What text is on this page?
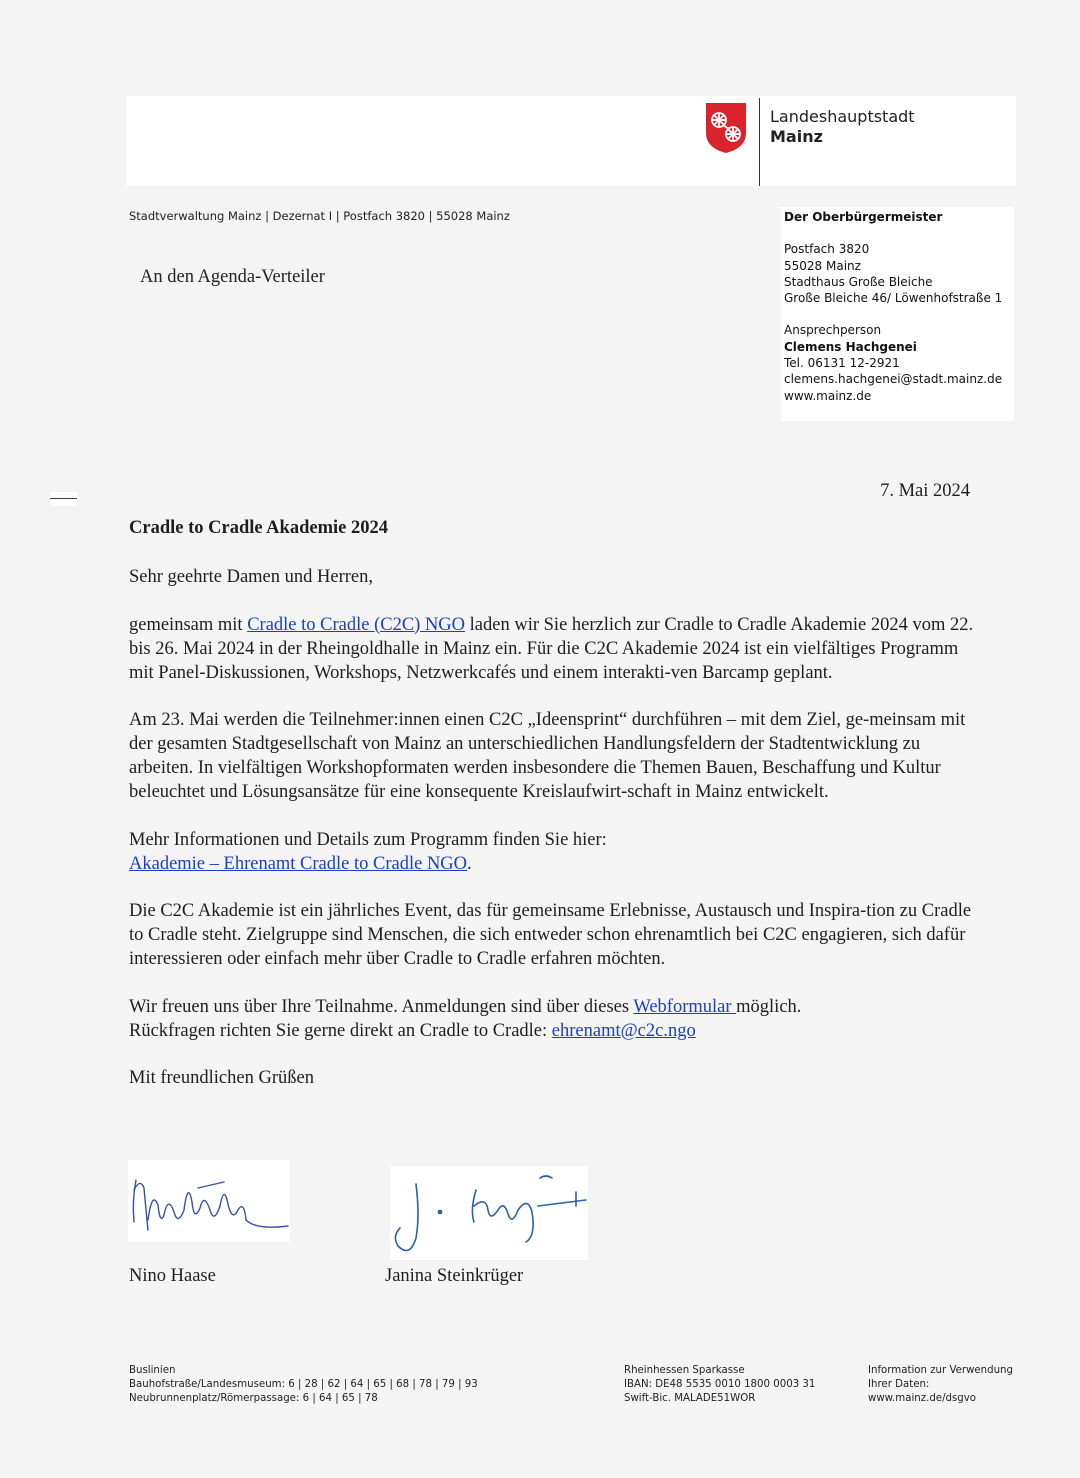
Landeshauptstadt
Mainz
Stadtverwaltung Mainz | Dezernat I | Postfach 3820 | 55028 Mainz
An den Agenda-Verteiler
Der Oberbürgermeister
Postfach 3820
55028 Mainz
Stadthaus Große Bleiche
Große Bleiche 46/ Löwenhofstraße 1
Ansprechperson
Clemens Hachgenei
Tel. 06131 12-2921
clemens.hachgenei@stadt.mainz.de
www.mainz.de
7. Mai 2024
Cradle to Cradle Akademie 2024

Sehr geehrte Damen und Herren,

gemeinsam mit Cradle to Cradle (C2C) NGO laden wir Sie herzlich zur Cradle to Cradle Akademie 2024 vom 22. bis 26. Mai 2024 in der Rheingoldhalle in Mainz ein. Für die C2C Akademie 2024 ist ein vielfältiges Programm mit Panel-Diskussionen, Workshops, Netzwerkcafés und einem interakti-ven Barcamp geplant.

Am 23. Mai werden die Teilnehmer:innen einen C2C „Ideensprint“ durchführen – mit dem Ziel, ge-meinsam mit der gesamten Stadtgesellschaft von Mainz an unterschiedlichen Handlungsfeldern der Stadtentwicklung zu arbeiten. In vielfältigen Workshopformaten werden insbesondere die Themen Bauen, Beschaffung und Kultur beleuchtet und Lösungsansätze für eine konsequente Kreislaufwirt-schaft in Mainz entwickelt.

Mehr Informationen und Details zum Programm finden Sie hier:
Akademie – Ehrenamt Cradle to Cradle NGO.

Die C2C Akademie ist ein jährliches Event, das für gemeinsame Erlebnisse, Austausch und Inspira-tion zu Cradle to Cradle steht. Zielgruppe sind Menschen, die sich entweder schon ehrenamtlich bei C2C engagieren, sich dafür interessieren oder einfach mehr über Cradle to Cradle erfahren möchten.

Wir freuen uns über Ihre Teilnahme. Anmeldungen sind über dieses Webformular möglich.
Rückfragen richten Sie gerne direkt an Cradle to Cradle: ehrenamt@c2c.ngo

Mit freundlichen Grüßen

Nino Haase	Janina Steinkrüger
Buslinien
Bauhofstraße/Landesmuseum: 6 | 28 | 62 | 64 | 65 | 68 | 78 | 79 | 93
Neubrunnenplatz/Römerpassage: 6 | 64 | 65 | 78
Rheinhessen Sparkasse
IBAN: DE48 5535 0010 1800 0003 31
Swift-Bic. MALADE51WOR
Information zur Verwendung
Ihrer Daten:
www.mainz.de/dsgvo
